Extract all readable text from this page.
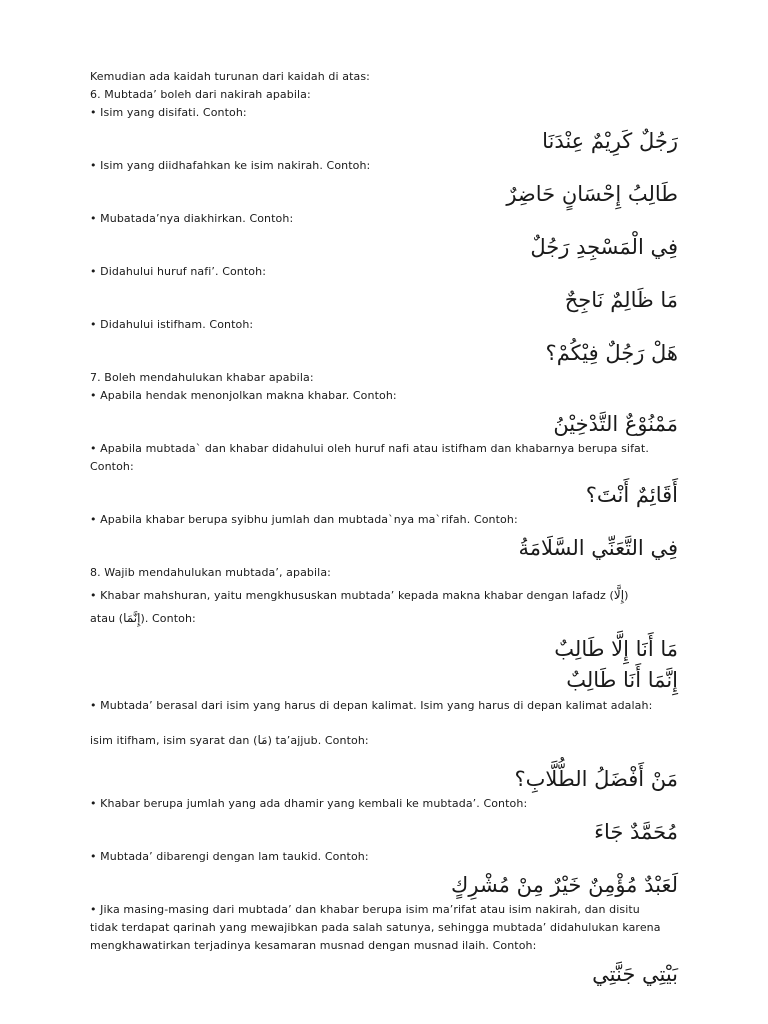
Kemudian ada kaidah turunan dari kaidah di atas:
6. Mubtada’ boleh dari nakirah apabila:
• Isim yang disifati. Contoh:
رَجُلٌ كَرِيْمٌ عِنْدَنَا
• Isim yang diidhafahkan ke isim nakirah. Contoh:
طَالِبُ إِحْسَانٍ حَاضِرٌ
• Mubatada’nya diakhirkan. Contoh:
فِي الْمَسْجِدِ رَجُلٌ
• Didahului huruf nafi’. Contoh:
مَا ظَالِمٌ نَاجِحٌ
• Didahului istifham. Contoh:
هَلْ رَجُلٌ فِيْكُمْ؟
7. Boleh mendahulukan khabar apabila:
• Apabila hendak menonjolkan makna khabar. Contoh:
مَمْنُوْعٌ التَّدْخِيْنُ
• Apabila mubtada` dan khabar didahului oleh huruf nafi atau istifham dan khabarnya berupa sifat.
Contoh:
أَقَائِمٌ أَنْتَ؟
• Apabila khabar berupa syibhu jumlah dan mubtada`nya ma`rifah. Contoh:
فِي التَّعَنِّي السَّلَامَةُ
8. Wajib mendahulukan mubtada’, apabila:
• Khabar mahshuran, yaitu mengkhususkan mubtada’ kepada makna khabar dengan lafadz (إِلَّا)
atau (إِنَّمَا). Contoh:
مَا أَنَا إِلَّا طَالِبٌ
إِنَّمَا أَنَا طَالِبٌ
• Mubtada’ berasal dari isim yang harus di depan kalimat. Isim yang harus di depan kalimat adalah:
isim itifham, isim syarat dan (مَا) ta’ajjub. Contoh:
مَنْ أَفْضَلُ الطُّلَّابِ؟
• Khabar berupa jumlah yang ada dhamir yang kembali ke mubtada’. Contoh:
مُحَمَّدٌ جَاءَ
• Mubtada’ dibarengi dengan lam taukid. Contoh:
لَعَبْدٌ مُؤْمِنٌ خَيْرٌ مِنْ مُشْرِكٍ
• Jika masing-masing dari mubtada’ dan khabar berupa isim ma’rifat atau isim nakirah, dan disitu
tidak terdapat qarinah yang mewajibkan pada salah satunya, sehingga mubtada’ didahulukan karena
mengkhawatirkan terjadinya kesamaran musnad dengan musnad ilaih. Contoh:
بَيْتِي جَنَّتِي
